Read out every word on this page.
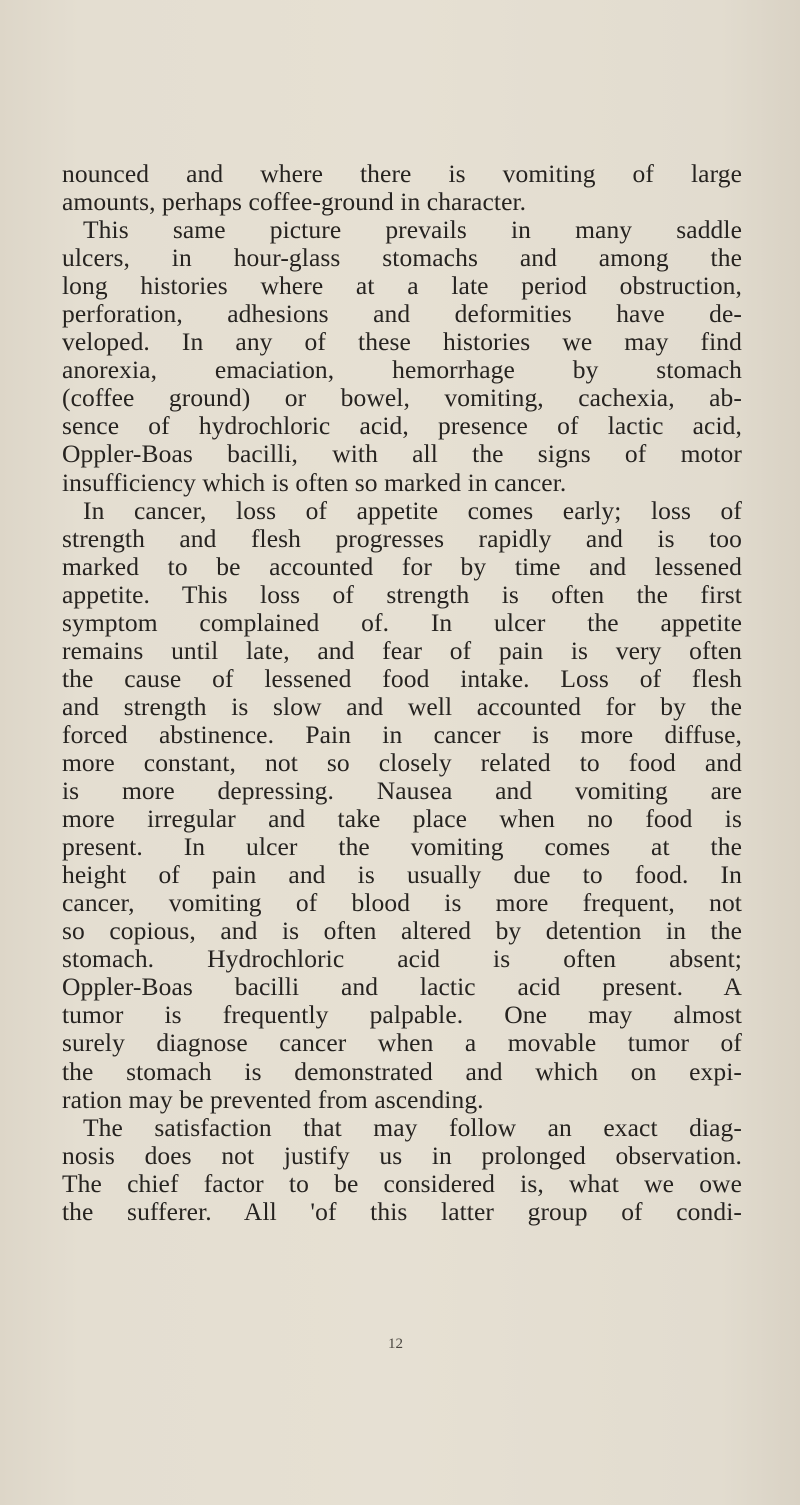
nounced and where there is vomiting of large
amounts, perhaps coffee-ground in character.
This same picture prevails in many saddle
ulcers, in hour-glass stomachs and among the
long histories where at a late period obstruction,
perforation, adhesions and deformities have de-
veloped. In any of these histories we may find
anorexia, emaciation, hemorrhage by stomach
(coffee ground) or bowel, vomiting, cachexia, ab-
sence of hydrochloric acid, presence of lactic acid,
Oppler-Boas bacilli, with all the signs of motor
insufficiency which is often so marked in cancer.
In cancer, loss of appetite comes early; loss of
strength and flesh progresses rapidly and is too
marked to be accounted for by time and lessened
appetite. This loss of strength is often the first
symptom complained of. In ulcer the appetite
remains until late, and fear of pain is very often
the cause of lessened food intake. Loss of flesh
and strength is slow and well accounted for by the
forced abstinence. Pain in cancer is more diffuse,
more constant, not so closely related to food and
is more depressing. Nausea and vomiting are
more irregular and take place when no food is
present. In ulcer the vomiting comes at the
height of pain and is usually due to food. In
cancer, vomiting of blood is more frequent, not
so copious, and is often altered by detention in the
stomach. Hydrochloric acid is often absent;
Oppler-Boas bacilli and lactic acid present. A
tumor is frequently palpable. One may almost
surely diagnose cancer when a movable tumor of
the stomach is demonstrated and which on expi-
ration may be prevented from ascending.
The satisfaction that may follow an exact diag-
nosis does not justify us in prolonged observation.
The chief factor to be considered is, what we owe
the sufferer. All 'of this latter group of condi-
12
